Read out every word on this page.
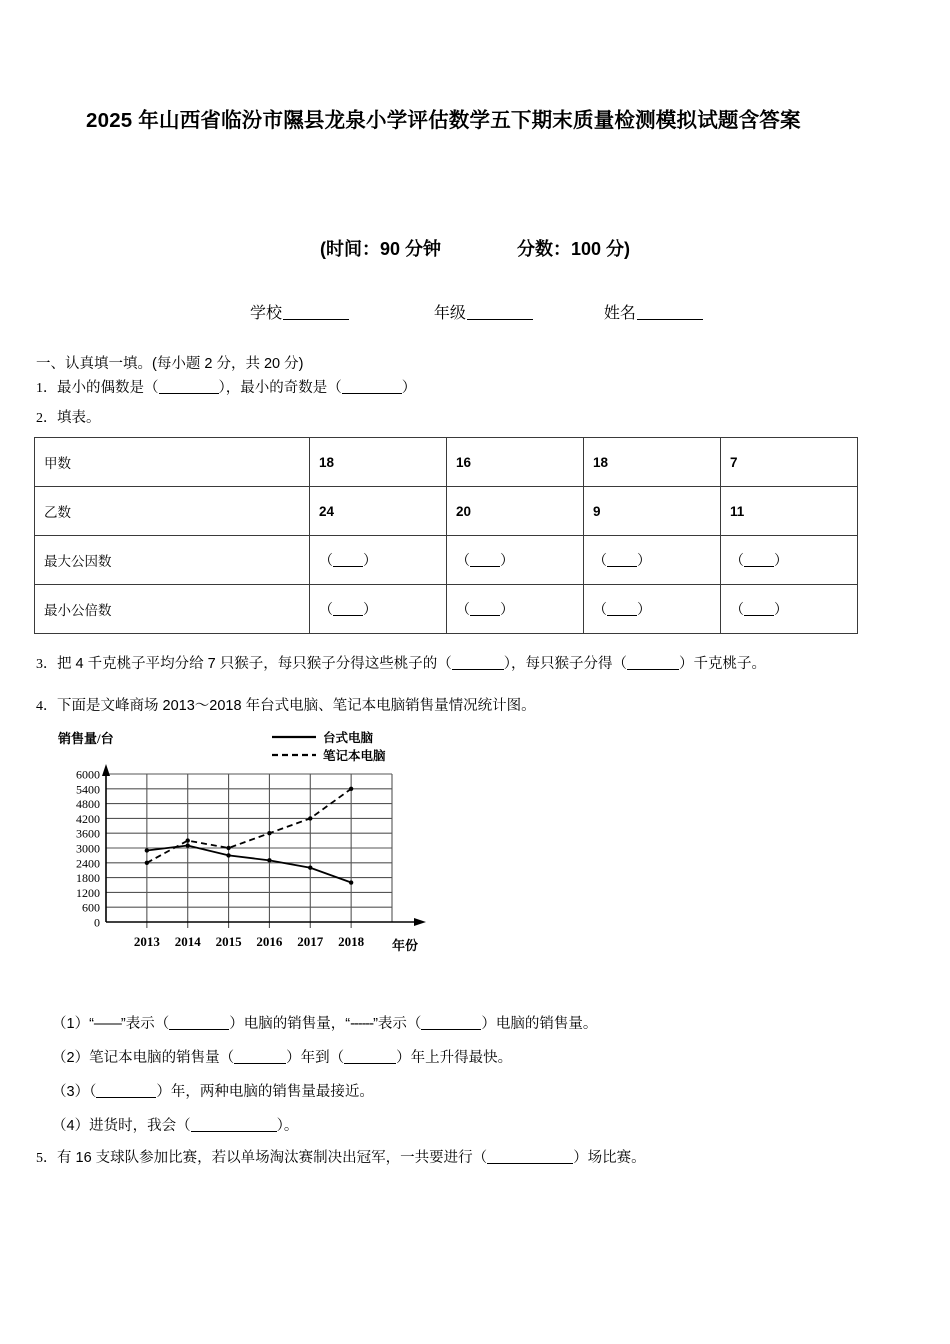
2025 年山西省临汾市隰县龙泉小学评估数学五下期末质量检测模拟试题含答案
(时间：90 分钟	分数：100 分)
学校	年级	姓名
一、认真填一填。(每小题 2 分，共 20 分)
1．最小的偶数是（	），最小的奇数是（	）
2．填表。
甲数	18	16	18	7
乙数	24	20	9	11
最大公因数	（ ）	（ ）	（ ）	（ ）
最小公倍数	（ ）	（ ）	（ ）	（ ）
3．把 4 千克桃子平均分给 7 只猴子，每只猴子分得这些桃子的（	），每只猴子分得（	）千克桃子。
4．下面是文峰商场 2013～2018 年台式电脑、笔记本电脑销售量情况统计图。
销售量/台	台式电脑
笔记本电脑
0
600
1200
1800
2400
3000
3600
4200
4800
5400
6000
2013 2014 2015 2016 2017 2018 年份
（1）“——”表示（	）电脑的销售量，“------”表示（	）电脑的销售量。
（2）笔记本电脑的销售量（	）年到（	）年上升得最快。
（3）（	）年，两种电脑的销售量最接近。
（4）进货时，我会（	）。
5．有 16 支球队参加比赛，若以单场淘汰赛制决出冠军，一共要进行（	）场比赛。
